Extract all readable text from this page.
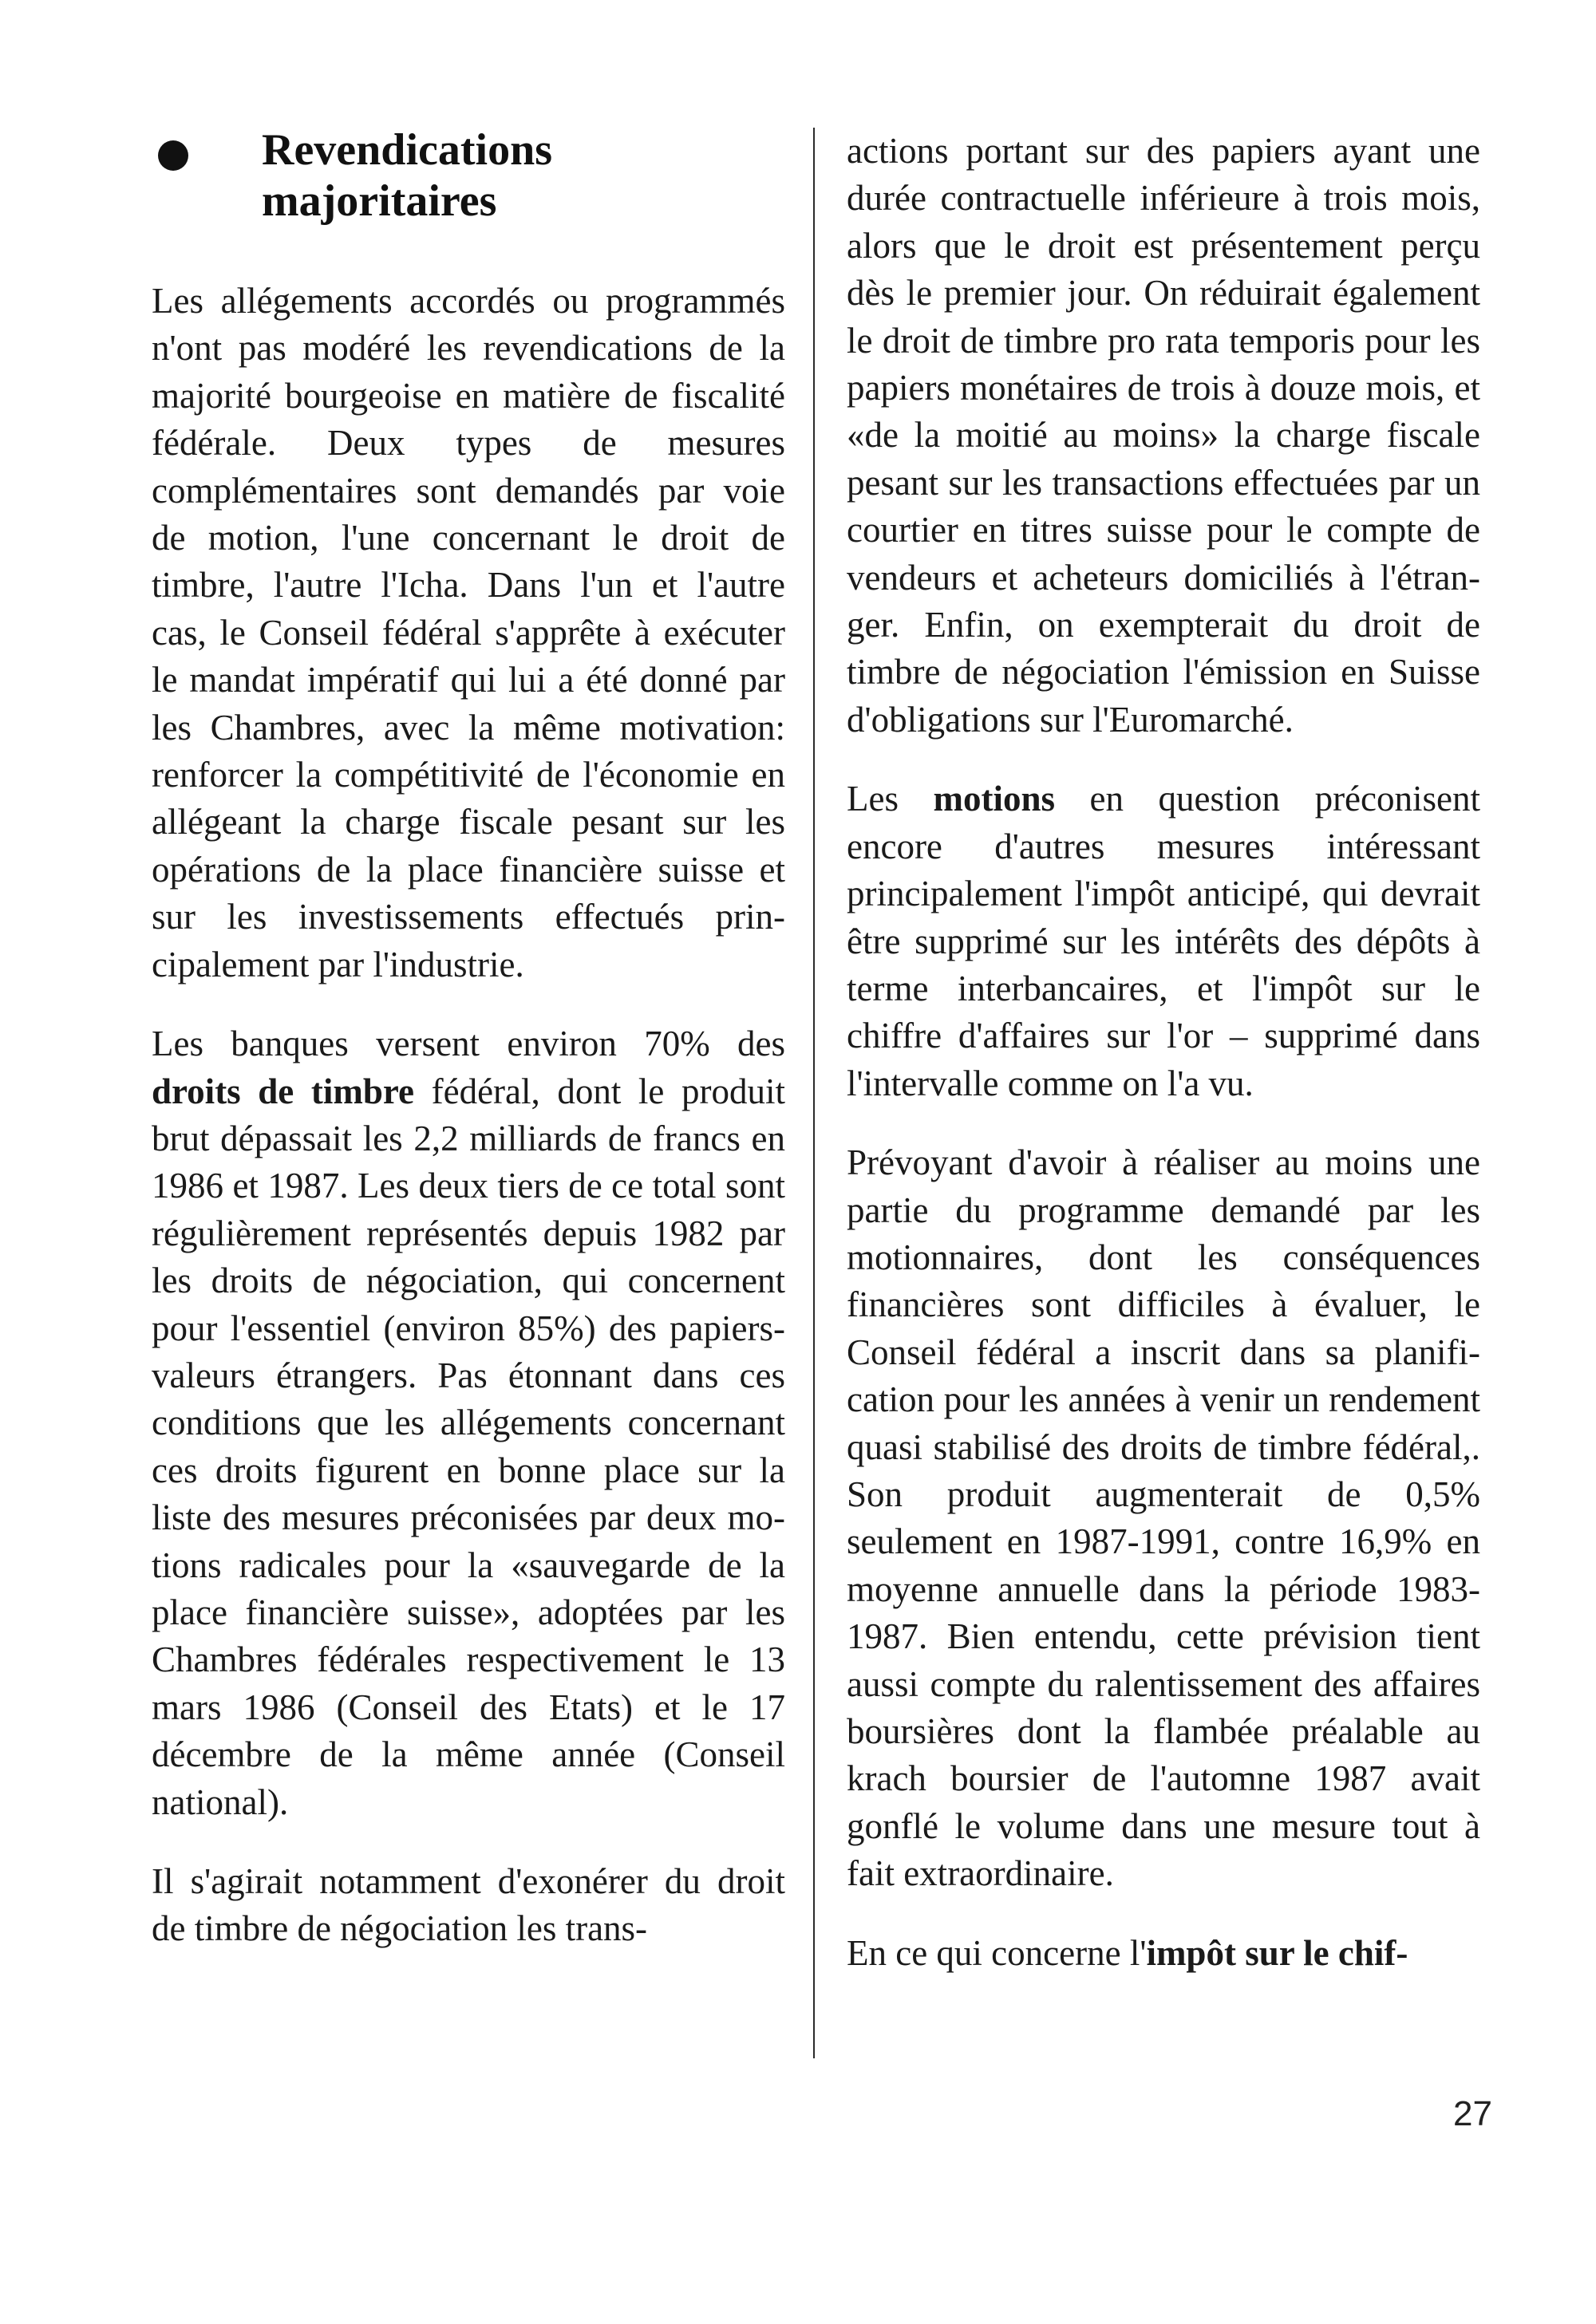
Revendications
majoritaires

Les allégements accordés ou programmés n'ont pas modéré les revendications de la majorité bourgeoise en matière de fiscalité fédérale. Deux types de mesures complémentaires sont demandés par voie de motion, l'une concernant le droit de timbre, l'autre l'Icha. Dans l'un et l'autre cas, le Conseil fédéral s'apprête à exécuter le mandat impératif qui lui a été donné par les Chambres, avec la même motivation: renforcer la compétitivité de l'économie en allégeant la charge fiscale pesant sur les opérations de la place financière suisse et sur les investissements effectués principalement par l'industrie.

Les banques versent environ 70% des droits de timbre fédéral, dont le produit brut dépassait les 2,2 milliards de francs en 1986 et 1987. Les deux tiers de ce total sont régulièrement représentés depuis 1982 par les droits de négociation, qui concernent pour l'essentiel (environ 85%) des papiers-valeurs étrangers. Pas étonnant dans ces conditions que les allégements concernant ces droits figurent en bonne place sur la liste des mesures préconisées par deux motions radicales pour la «sauvegarde de la place financière suisse», adoptées par les Chambres fédérales respectivement le 13 mars 1986 (Conseil des Etats) et le 17 décembre de la même année (Conseil national).

Il s'agirait notamment d'exonérer du droit de timbre de négociation les trans-

actions portant sur des papiers ayant une durée contractuelle inférieure à trois mois, alors que le droit est présentement perçu dès le premier jour. On réduirait également le droit de timbre pro rata temporis pour les papiers monétaires de trois à douze mois, et «de la moitié au moins» la charge fiscale pesant sur les transactions effectuées par un courtier en titres suisse pour le compte de vendeurs et acheteurs domiciliés à l'étranger. Enfin, on exempterait du droit de timbre de négociation l'émission en Suisse d'obligations sur l'Euromarché.

Les motions en question préconisent encore d'autres mesures intéressant principalement l'impôt anticipé, qui devrait être supprimé sur les intérêts des dépôts à terme interbancaires, et l'impôt sur le chiffre d'affaires sur l'or – supprimé dans l'intervalle comme on l'a vu.

Prévoyant d'avoir à réaliser au moins une partie du programme demandé par les motionnaires, dont les conséquences financières sont difficiles à évaluer, le Conseil fédéral a inscrit dans sa planification pour les années à venir un rendement quasi stabilisé des droits de timbre fédéral,. Son produit augmenterait de 0,5% seulement en 1987-1991, contre 16,9% en moyenne annuelle dans la période 1983-1987. Bien entendu, cette prévision tient aussi compte du ralentissement des affaires boursières dont la flambée préalable au krach boursier de l'automne 1987 avait gonflé le volume dans une mesure tout à fait extraordinaire.

En ce qui concerne l'impôt sur le chif-

27
